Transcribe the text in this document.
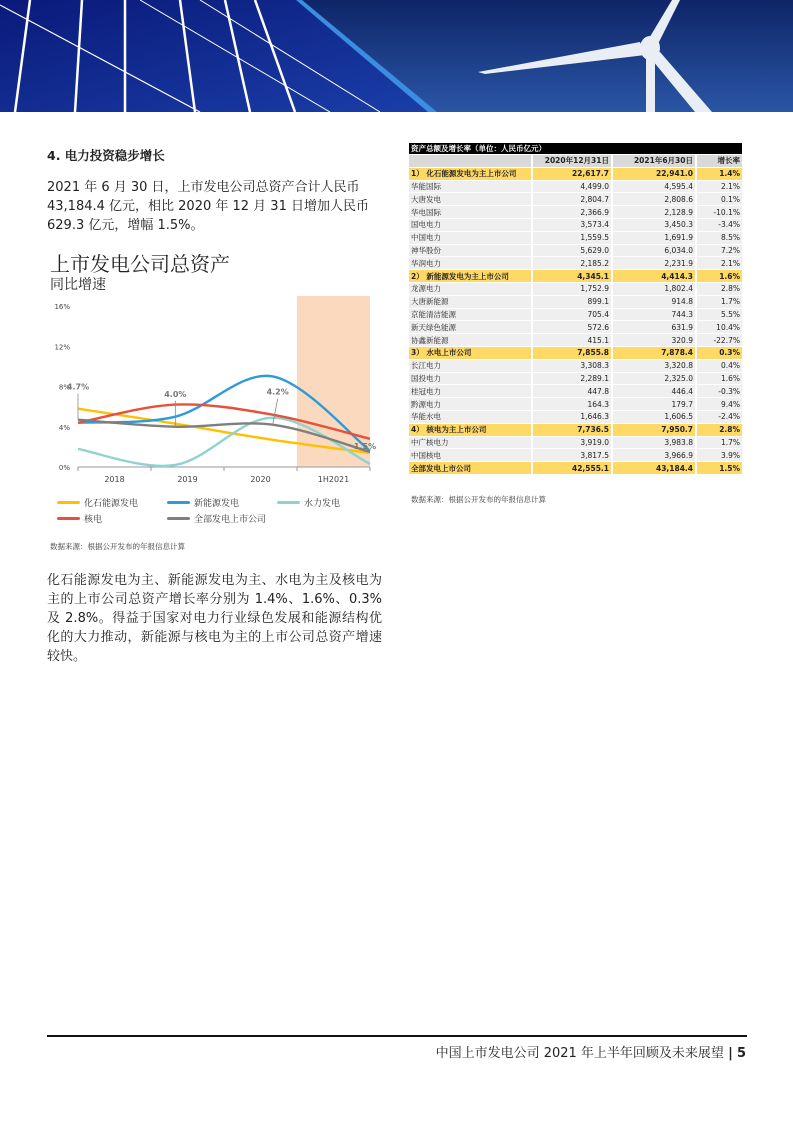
4. 电力投资稳步增长
2021 年 6 月 30 日，上市发电公司总资产合计人民币 43,184.4 亿元，相比 2020 年 12 月 31 日增加人民币 629.3 亿元，增幅 1.5%。
上市发电公司总资产
同比增速
0%
4%
8%
12%
16%
2018	2019	2020	1H2021
4.7%
4.0%	4.2%
1.5%
化石能源发电	新能源发电	水力发电
核电	全部发电上市公司
数据来源：根据公开发布的年报信息计算
化石能源发电为主、新能源发电为主、水电为主及核电为主的上市公司总资产增长率分别为 1.4%、1.6%、0.3%及 2.8%。得益于国家对电力行业绿色发展和能源结构优化的大力推动，新能源与核电为主的上市公司总资产增速较快。
资产总额及增长率（单位：人民币亿元）			
	2020年12月31日	2021年6月30日	增长率
1） 化石能源发电为主上市公司	22,617.7	22,941.0	1.4%
华能国际	4,499.0	4,595.4	2.1%
大唐发电	2,804.7	2,808.6	0.1%
华电国际	2,366.9	2,128.9	-10.1%
国电电力	3,573.4	3,450.3	-3.4%
中国电力	1,559.5	1,691.9	8.5%
神华股份	5,629.0	6,034.0	7.2%
华润电力	2,185.2	2,231.9	2.1%
2） 新能源发电为主上市公司	4,345.1	4,414.3	1.6%
龙源电力	1,752.9	1,802.4	2.8%
大唐新能源	899.1	914.8	1.7%
京能清洁能源	705.4	744.3	5.5%
新天绿色能源	572.6	631.9	10.4%
协鑫新能源	415.1	320.9	-22.7%
3） 水电上市公司	7,855.8	7,878.4	0.3%
长江电力	3,308.3	3,320.8	0.4%
国投电力	2,289.1	2,325.0	1.6%
桂冠电力	447.8	446.4	-0.3%
黔源电力	164.3	179.7	9.4%
华能水电	1,646.3	1,606.5	-2.4%
4） 核电为主上市公司	7,736.5	7,950.7	2.8%
中广核电力	3,919.0	3,983.8	1.7%
中国核电	3,817.5	3,966.9	3.9%
全部发电上市公司	42,555.1	43,184.4	1.5%
数据来源：根据公开发布的年报信息计算
中国上市发电公司 2021 年上半年回顾及未来展望 | 5
